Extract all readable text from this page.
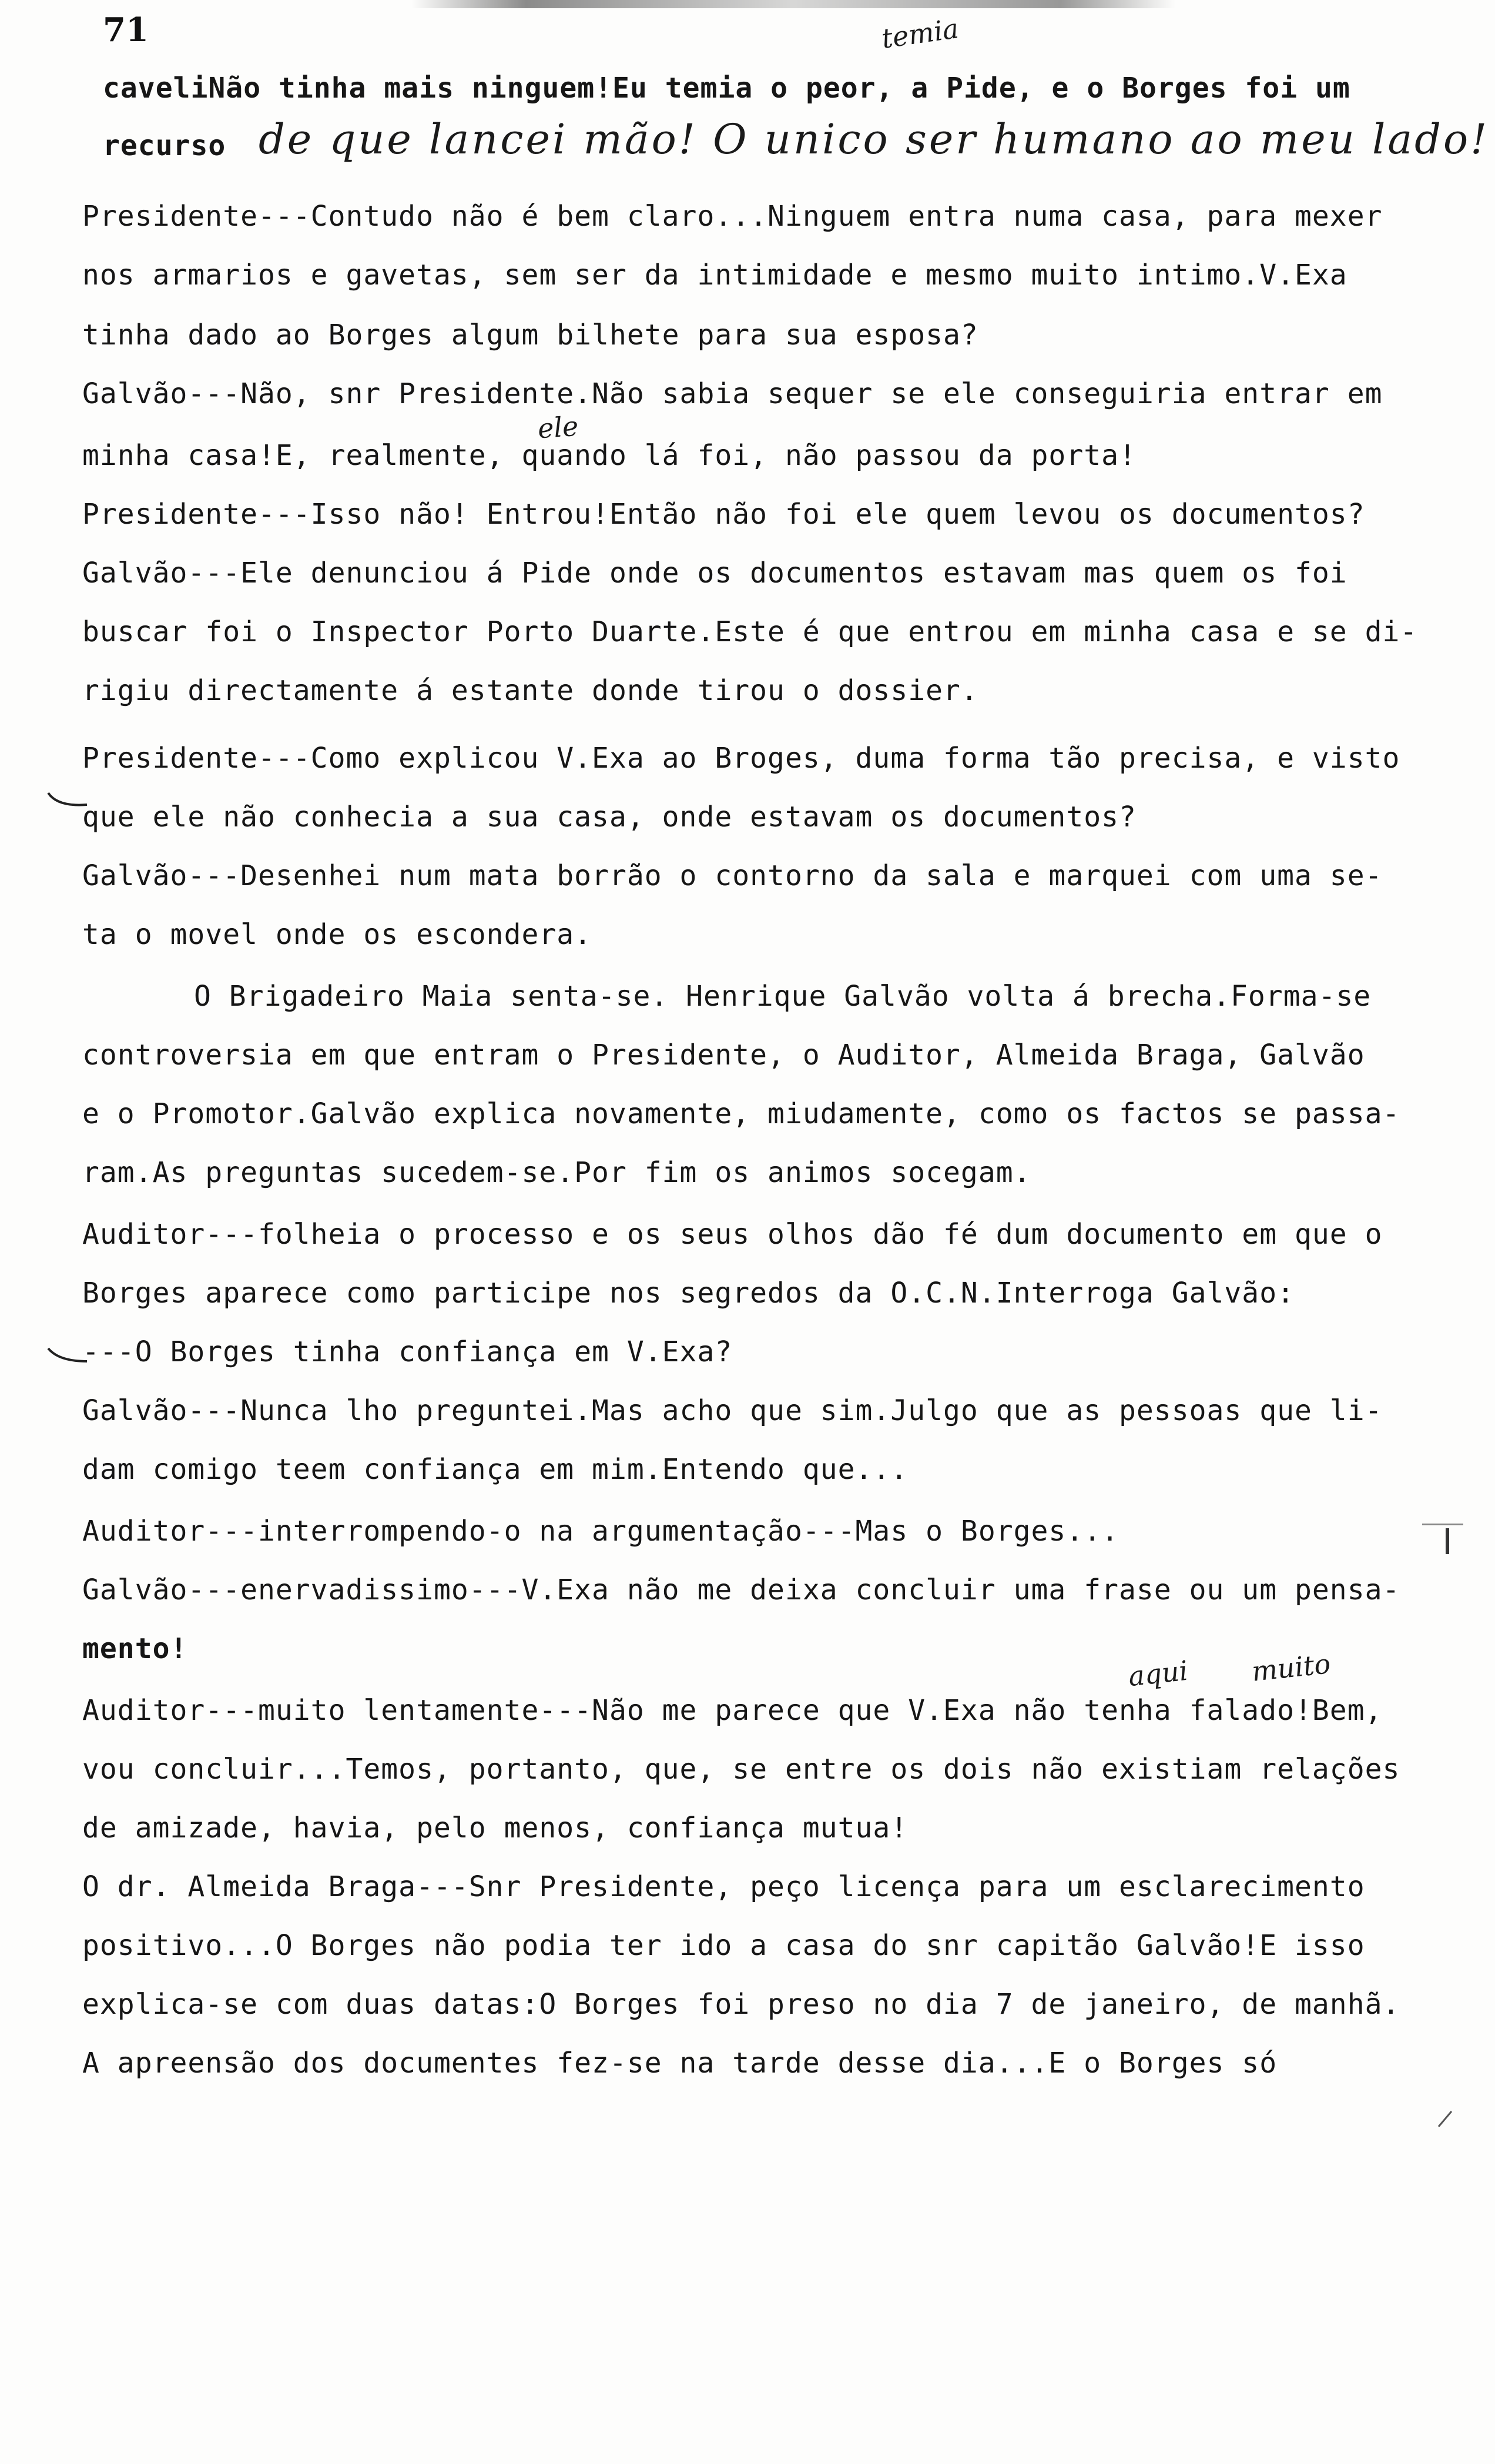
71	temia
caveliNão tinha mais ninguem!Eu temia o peor, a Pide, e o Borges foi um
recurso de que lancei mão! O unico ser humano ao meu lado!
Presidente---Contudo não é bem claro...Ninguem entra numa casa, para mexer
nos armarios e gavetas, sem ser da intimidade e mesmo muito intimo.V.Exa
tinha dado ao Borges algum bilhete para sua esposa?
Galvão---Não, snr Presidente.Não sabia sequer se ele conseguiria entrar em
ele
minha casa!E, realmente, quando lá foi, não passou da porta!
Presidente---Isso não! Entrou!Então não foi ele quem levou os documentos?
Galvão---Ele denunciou á Pide onde os documentos estavam mas quem os foi
buscar foi o Inspector Porto Duarte.Este é que entrou em minha casa e se di-
rigiu directamente á estante donde tirou o dossier.
Presidente---Como explicou V.Exa ao Broges, duma forma tão precisa, e visto
que ele não conhecia a sua casa, onde estavam os documentos?
Galvão---Desenhei num mata borrão o contorno da sala e marquei com uma se-
ta o movel onde os escondera.
O Brigadeiro Maia senta-se. Henrique Galvão volta á brecha.Forma-se
controversia em que entram o Presidente, o Auditor, Almeida Braga, Galvão
e o Promotor.Galvão explica novamente, miudamente, como os factos se passa-
ram.As preguntas sucedem-se.Por fim os animos socegam.
Auditor---folheia o processo e os seus olhos dão fé dum documento em que o
Borges aparece como participe nos segredos da O.C.N.Interroga Galvão:
---O Borges tinha confiança em V.Exa?
Galvão---Nunca lho preguntei.Mas acho que sim.Julgo que as pessoas que li-
dam comigo teem confiança em mim.Entendo que...
Auditor---interrompendo-o na argumentação---Mas o Borges...
Galvão---enervadissimo---V.Exa não me deixa concluir uma frase ou um pensa-
mento!
aqui muito
Auditor---muito lentamente---Não me parece que V.Exa não tenha falado!Bem,
vou concluir...Temos, portanto, que, se entre os dois não existiam relações
de amizade, havia, pelo menos, confiança mutua!
O dr. Almeida Braga---Snr Presidente, peço licença para um esclarecimento
positivo...O Borges não podia ter ido a casa do snr capitão Galvão!E isso
explica-se com duas datas:O Borges foi preso no dia 7 de janeiro, de manhã.
A apreensão dos documentes fez-se na tarde desse dia...E o Borges só
